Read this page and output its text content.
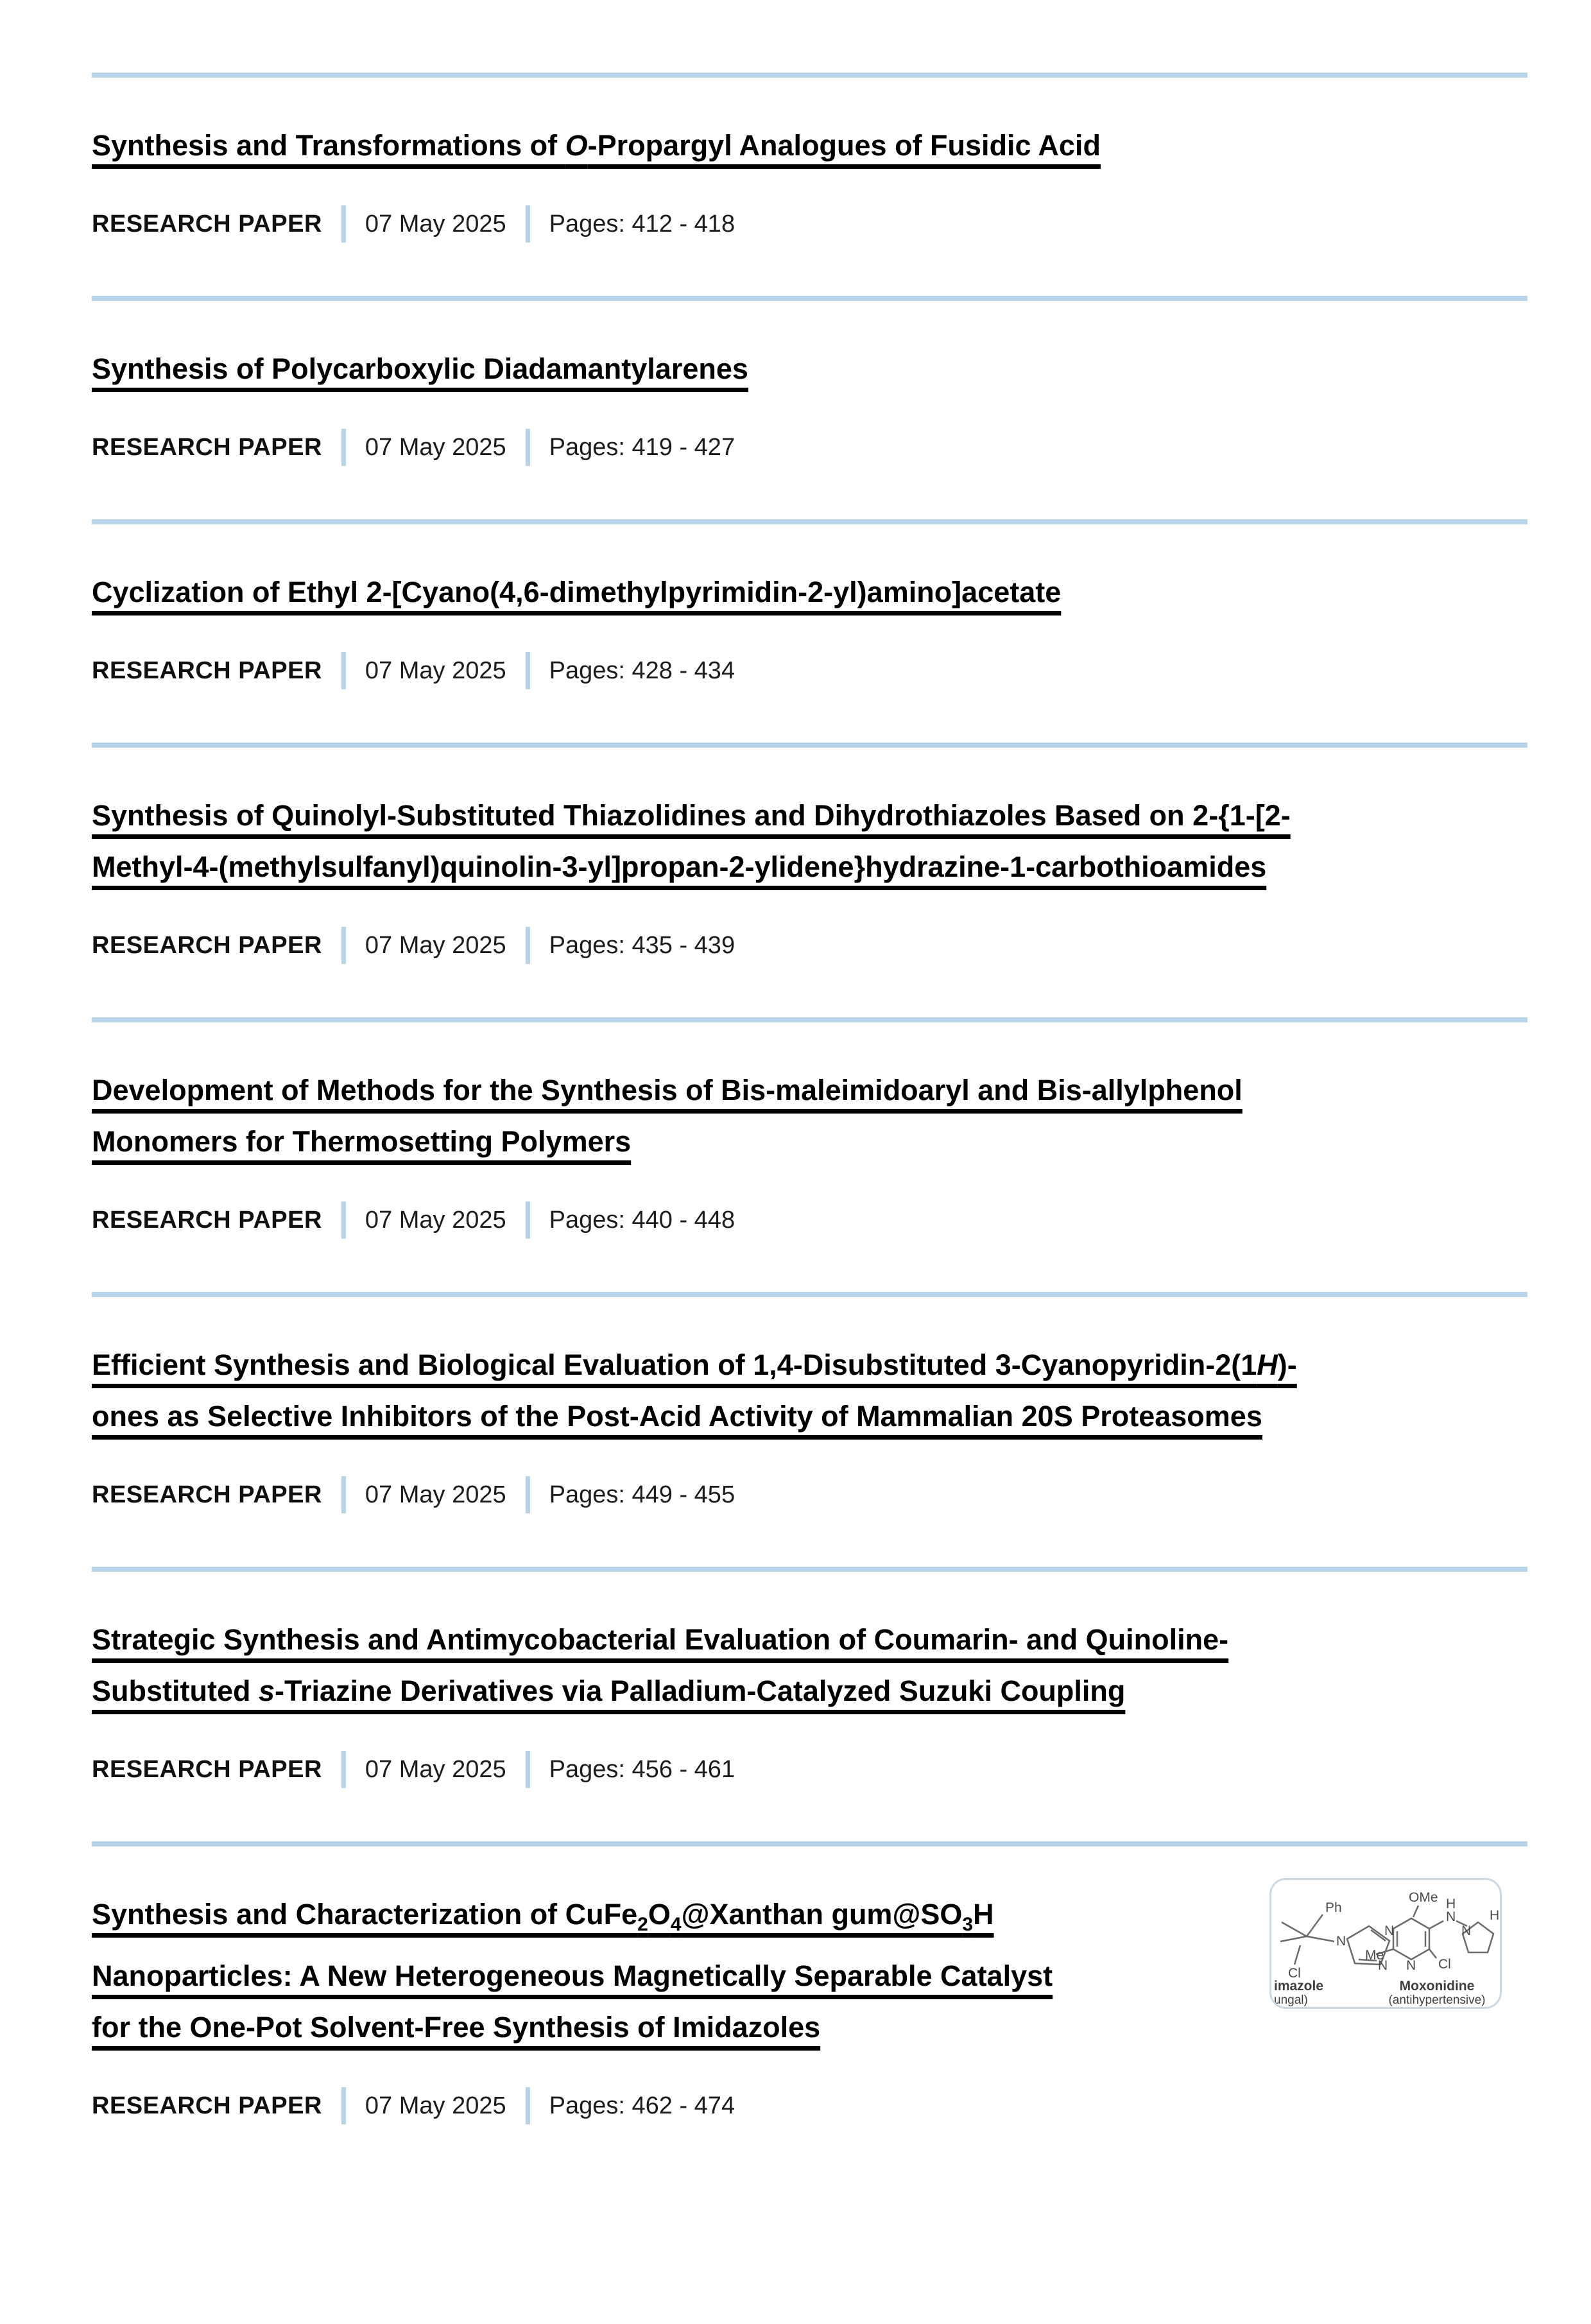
Synthesis and Transformations of O-Propargyl Analogues of Fusidic Acid
RESEARCH PAPER 07 May 2025 Pages: 412 - 418
Synthesis of Polycarboxylic Diadamantylarenes
RESEARCH PAPER 07 May 2025 Pages: 419 - 427
Cyclization of Ethyl 2-[Cyano(4,6-dimethylpyrimidin-2-yl)amino]acetate
RESEARCH PAPER 07 May 2025 Pages: 428 - 434
Synthesis of Quinolyl-Substituted Thiazolidines and Dihydrothiazoles Based on 2-{1-[2-
Methyl-4-(methylsulfanyl)quinolin-3-yl]propan-2-ylidene}hydrazine-1-carbothioamides
RESEARCH PAPER 07 May 2025 Pages: 435 - 439
Development of Methods for the Synthesis of Bis-maleimidoaryl and Bis-allylphenol
Monomers for Thermosetting Polymers
RESEARCH PAPER 07 May 2025 Pages: 440 - 448
Efficient Synthesis and Biological Evaluation of 1,4-Disubstituted 3-Cyanopyridin-2(1H)-
ones as Selective Inhibitors of the Post-Acid Activity of Mammalian 20S Proteasomes
RESEARCH PAPER 07 May 2025 Pages: 449 - 455
Strategic Synthesis and Antimycobacterial Evaluation of Coumarin- and Quinoline-
Substituted s-Triazine Derivatives via Palladium-Catalyzed Suzuki Coupling
RESEARCH PAPER 07 May 2025 Pages: 456 - 461
Synthesis and Characterization of $CuFe_2O_4@Xanthan$ $gum@SO_3H$
Nanoparticles: A New Heterogeneous Magnetically Separable Catalyst
for the One-Pot Solvent-Free Synthesis of Imidazoles
RESEARCH PAPER 07 May 2025 Pages: 462 - 474
Ph
Cl
N
N
OMe
Me
N
N
H
N
Cl
H
N
imazole
ungal)
Moxonidine
(antihypertensive)
